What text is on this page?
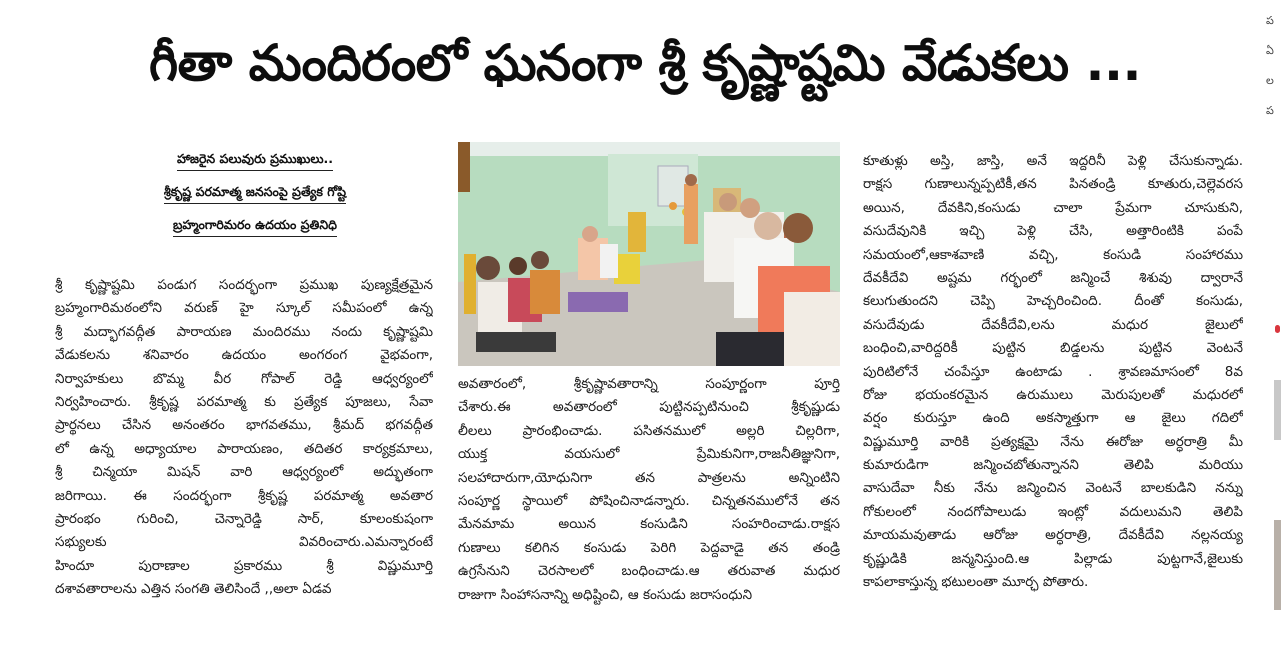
గీతా మందిరంలో ఘనంగా శ్రీ కృష్ణాష్టమి వేడుకలు ...
ప
ఏ
ల
ప
హాజరైన పలువురు ప్రముఖులు..
శ్రీకృష్ణ పరమాత్మ జనసంపై ప్రత్యేక గోష్టి
బ్రహ్మంగారిమరం ఉదయం ప్రతినిధి
శ్రీ కృష్ణాష్టమి పండుగ సందర్భంగా ప్రముఖ పుణ్యక్షేత్రమైన
బ్రహ్మంగారిమఠంలోని వరుణ్ హై స్కూల్ సమీపంలో ఉన్న
శ్రీ మద్భాగవద్గీత పారాయణ మందిరము నందు కృష్ణాష్టమి
వేడుకలను శనివారం ఉదయం అంగరంగ వైభవంగా,
నిర్వాహకులు బొమ్మ వీర గోపాల్ రెడ్డి ఆధ్వర్యంలో
నిర్వహించారు. శ్రీకృష్ణ పరమాత్మ కు ప్రత్యేక పూజలు, సేవా
ప్రార్థనలు చేసిన అనంతరం భాగవతము, శ్రీమద్ భగవద్గీత
లో ఉన్న అధ్యాయాల పారాయణం, తదితర కార్యక్రమాలు,
శ్రీ చిన్మయా మిషన్ వారి ఆధ్వర్యంలో అద్భుతంగా
జరిగాయి. ఈ సందర్భంగా శ్రీకృష్ణ పరమాత్మ అవతార
ప్రారంభం గురించి, చెన్నారెడ్డి సార్, కూలంకుషంగా
సభ్యులకు వివరించారు.ఎమన్నారంటే
హిందూ పురాణాల ప్రకారము శ్రీ విష్ణుమూర్తి
దశావతారాలను ఎత్తిన సంగతి తెలిసిందే ,,అలా ఏడవ
అవతారంలో, శ్రీకృష్ణావతారాన్ని సంపూర్ణంగా పూర్తి
చేశారు.ఈ అవతారంలో పుట్టినప్పటినుంచి శ్రీకృష్ణుడు
లీలలు ప్రారంభించాడు. పసితనములో అల్లరి చిల్లరిగా,
యుక్త వయసులో ప్రేమికునిగా,రాజనీతిజ్ఞునిగా,
సలహాదారుగా,యోధునిగా తన పాత్రలను అన్నింటిని
సంపూర్ణ స్థాయిలో పోషించినాడన్నారు. చిన్నతనములోనే తన
మేనమామ అయిన కంసుడిని సంహరించాడు.రాక్షస
గుణాలు కలిగిన కంసుడు పెరిగి పెద్దవాడై తన తండ్రి
ఉగ్రసేనుని చెరసాలలో బంధించాడు.ఆ తరువాత మధుర
రాజుగా సింహాసనాన్ని అధిష్టించి, ఆ కంసుడు జరాసంధుని
కూతుళ్లు అస్తి, జాస్తి, అనే ఇద్దరినీ పెళ్లి చేసుకున్నాడు.
రాక్షస గుణాలున్నప్పటికీ,తన పినతండ్రి కూతురు,చెల్లెవరస
అయిన, దేవకిని,కంసుడు చాలా ప్రేమగా చూసుకుని,
వసుదేవునికి ఇచ్చి పెళ్లి చేసి, అత్తారింటికి పంపే
సమయంలో,ఆకాశవాణి వచ్చి, కంసుడి సంహారము
దేవకీదేవి అష్టమ గర్భంలో జన్మించే శిశువు ద్వారానే
కలుగుతుందని చెప్పి హెచ్చరించింది. దీంతో కంసుడు,
వసుదేవుడు దేవకీదేవి,లను మధుర జైలులో
బంధించి,వారిద్దరికీ పుట్టిన బిడ్డలను పుట్టిన వెంటనే
పురిటిలోనే చంపేస్తూ ఉంటాడు . శ్రావణమాసంలో 8వ
రోజు భయంకరమైన ఉరుములు మెరుపులతో మధురలో
వర్షం కురుస్తూ ఉంది అకస్మాత్తుగా ఆ జైలు గదిలో
విష్ణుమూర్తి వారికి ప్రత్యక్షమై నేను ఈరోజు అర్ధరాత్రి మీ
కుమారుడిగా జన్మించబోతున్నానని తెలిపి మరియు
వాసుదేవా నీకు నేను జన్మించిన వెంటనే బాలకుడిని నన్ను
గోకులంలో నందగోపాలుడు ఇంట్లో వదులుమని తెలిపి
మాయమవుతాడు ఆరోజు అర్ధరాత్రి, దేవకీదేవి నల్లనయ్య
కృష్ణుడికి జన్మనిస్తుంది.ఆ పిల్లాడు పుట్టగానే,జైలుకు
కాపలాకాస్తున్న భటులంతా మూర్ఛ పోతారు.
